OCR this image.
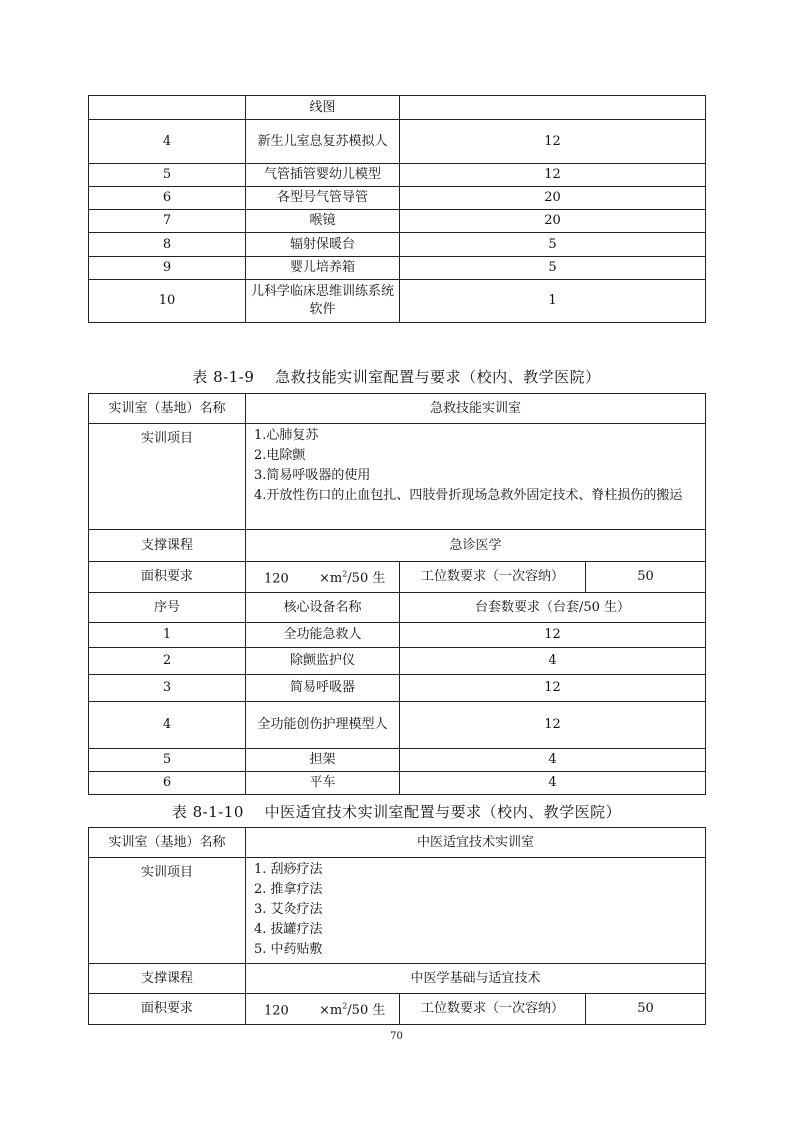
	线图	
4	新生儿室息复苏模拟人	12
5	气管插管婴幼儿模型	12
6	各型号气管导管	20
7	喉镜	20
8	辐射保暖台	5
9	婴儿培养箱	5
10	儿科学临床思维训练系统软件	1
表 8-1-9　 急救技能实训室配置与要求（校内、教学医院）
实训室（基地）名称	急救技能实训室		
实训项目	1.心肺复苏
2.电除颤
3.简易呼吸器的使用
4.开放性伤口的止血包扎、四肢骨折现场急救外固定技术、脊柱损伤的搬运		

支撑课程	急诊医学		
面积要求	$120 \times m^2/50$ 生	工位数要求（一次容纳）	50
序号	核心设备名称	台套数要求（台套/50 生）	
1	全功能急救人	12	
2	除颤监护仪	4	
3	简易呼吸器	12	
4	全功能创伤护理模型人	12	
5	担架	4	
6	平车	4	
表 8-1-10　 中医适宜技术实训室配置与要求（校内、教学医院）
实训室（基地）名称	中医适宜技术实训室		
实训项目	1. 刮痧疗法
2. 推拿疗法
3. 艾灸疗法
4. 拔罐疗法
5. 中药贴敷		

支撑课程	中医学基础与适宜技术		
面积要求	$120 \times m^2/50$ 生	工位数要求（一次容纳）	50
70
